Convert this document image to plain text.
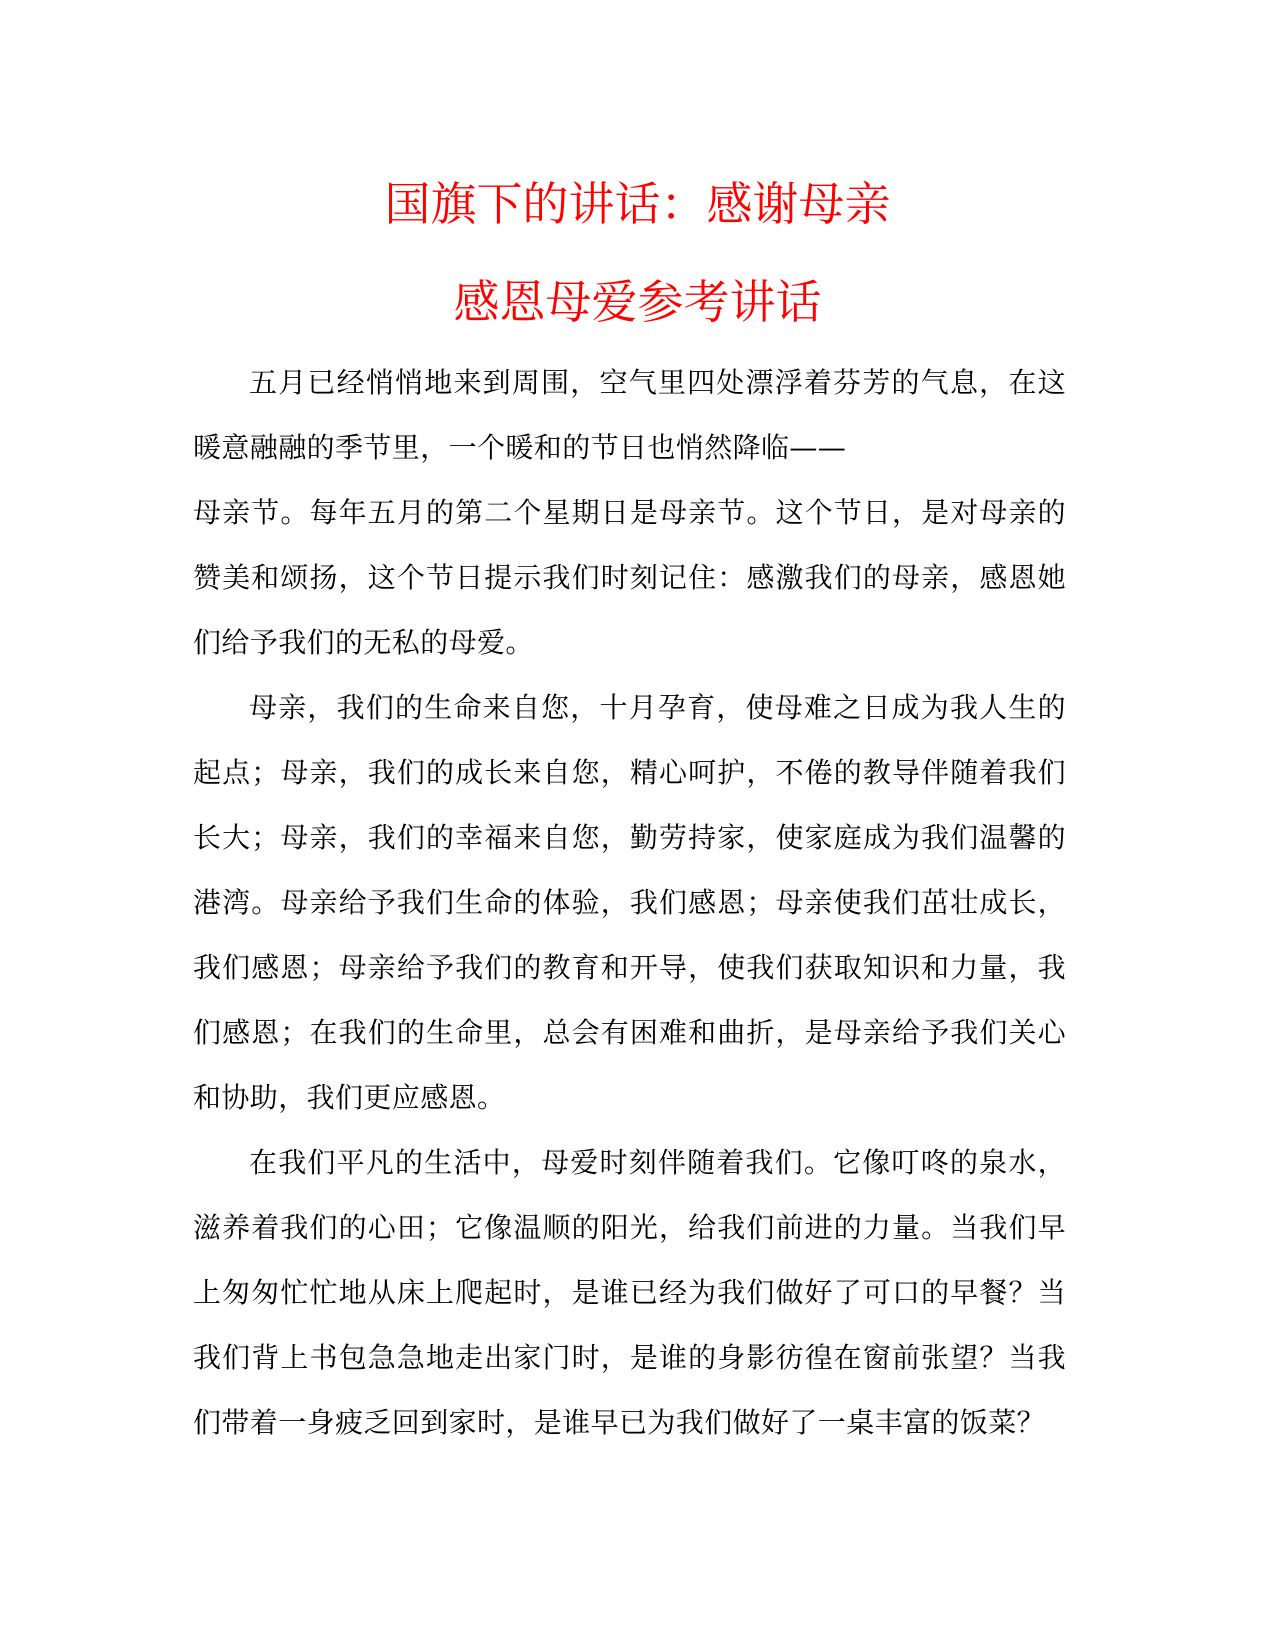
国旗下的讲话：感谢母亲
感恩母爱参考讲话

五月已经悄悄地来到周围，空气里四处漂浮着芬芳的气息，在这暖意融融的季节里，一个暖和的节日也悄然降临——
母亲节。每年五月的第二个星期日是母亲节。这个节日，是对母亲的赞美和颂扬，这个节日提示我们时刻记住：感激我们的母亲，感恩她们给予我们的无私的母爱。

母亲，我们的生命来自您，十月孕育，使母难之日成为我人生的起点；母亲，我们的成长来自您，精心呵护，不倦的教导伴随着我们长大；母亲，我们的幸福来自您，勤劳持家，使家庭成为我们温馨的港湾。母亲给予我们生命的体验，我们感恩；母亲使我们茁壮成长，我们感恩；母亲给予我们的教育和开导，使我们获取知识和力量，我们感恩；在我们的生命里，总会有困难和曲折，是母亲给予我们关心和协助，我们更应感恩。

在我们平凡的生活中，母爱时刻伴随着我们。它像叮咚的泉水，滋养着我们的心田；它像温顺的阳光，给我们前进的力量。当我们早上匆匆忙忙地从床上爬起时，是谁已经为我们做好了可口的早餐？当我们背上书包急急地走出家门时，是谁的身影彷徨在窗前张望？当我们带着一身疲乏回到家时，是谁早已为我们做好了一桌丰富的饭菜？
